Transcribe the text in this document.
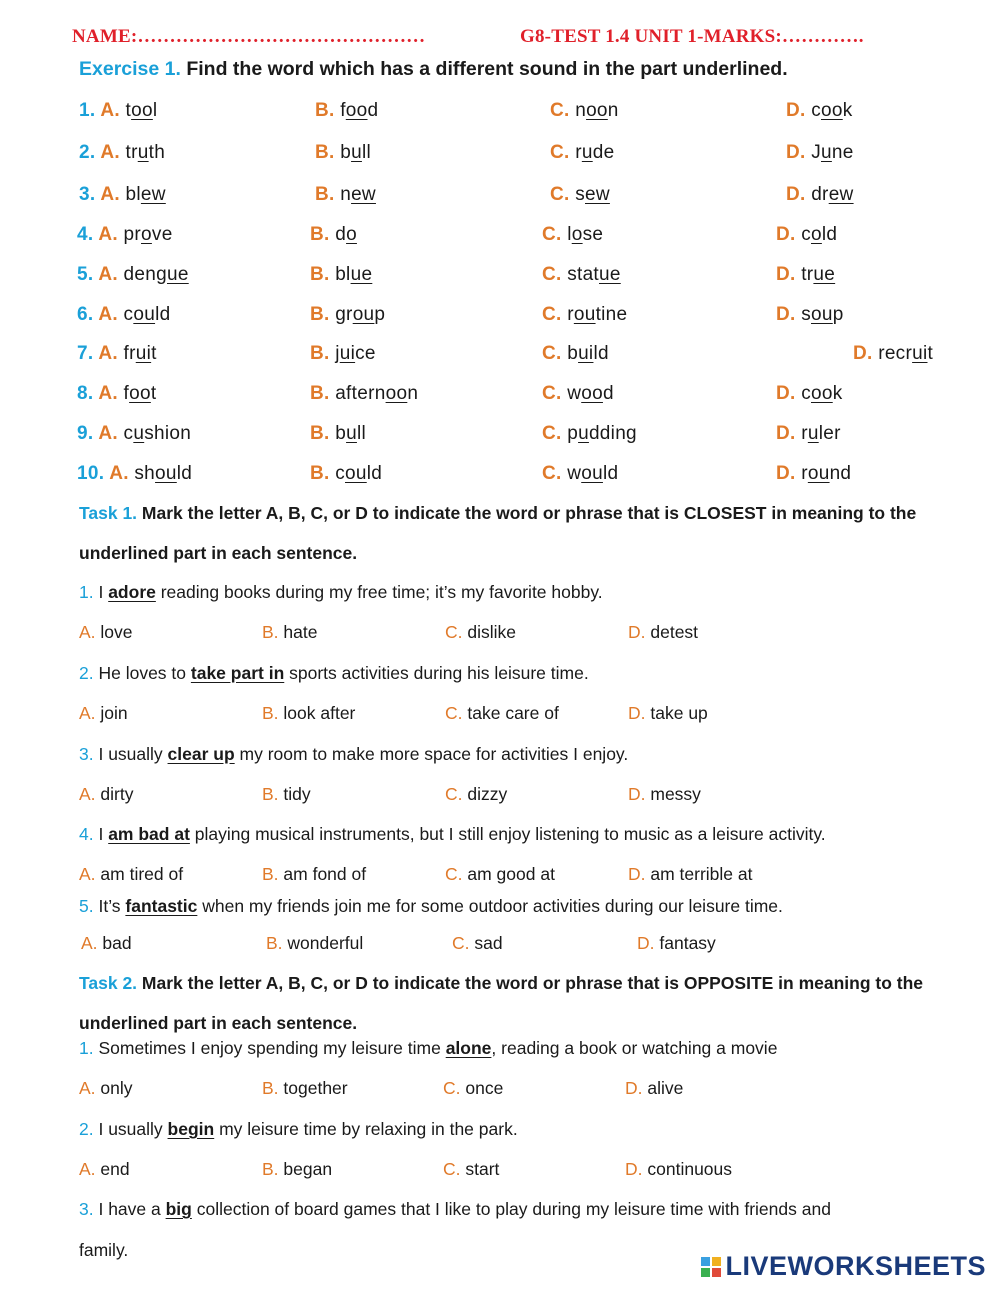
NAME:………………………………………	G8-TEST 1.4 UNIT 1-MARKS:………….
Exercise 1. Find the word which has a different sound in the part underlined.
1. A. tool	B. food	C. noon	D. cook
2. A. truth	B. bull	C. rude	D. June
3. A. blew	B. new	C. sew	D. drew
4. A. prove	B. do	C. lose	D. cold
5. A. dengue	B. blue	C. statue	D. true
6. A. could	B. group	C. routine	D. soup
7. A. fruit	B. juice	C. build	D. recruit
8. A. foot	B. afternoon	C. wood	D. cook
9. A. cushion	B. bull	C. pudding	D. ruler
10. A. should	B. could	C. would	D. round
Task 1. Mark the letter A, B, C, or D to indicate the word or phrase that is CLOSEST in meaning to the underlined part in each sentence.
1. I adore reading books during my free time; it’s my favorite hobby.
A. love	B. hate	C. dislike	D. detest
2. He loves to take part in sports activities during his leisure time.
A. join	B. look after	C. take care of	D. take up
3. I usually clear up my room to make more space for activities I enjoy.
A. dirty	B. tidy	C. dizzy	D. messy
4. I am bad at playing musical instruments, but I still enjoy listening to music as a leisure activity.
A. am tired of	B. am fond of	C. am good at	D. am terrible at
5. It’s fantastic when my friends join me for some outdoor activities during our leisure time.
A. bad	B. wonderful	C. sad	D. fantasy
Task 2. Mark the letter A, B, C, or D to indicate the word or phrase that is OPPOSITE in meaning to the underlined part in each sentence.
1. Sometimes I enjoy spending my leisure time alone, reading a book or watching a movie
A. only	B. together	C. once	D. alive
2. I usually begin my leisure time by relaxing in the park.
A. end	B. began	C. start	D. continuous
3. I have a big collection of board games that I like to play during my leisure time with friends and
family.
LIVEWORKSHEETS
